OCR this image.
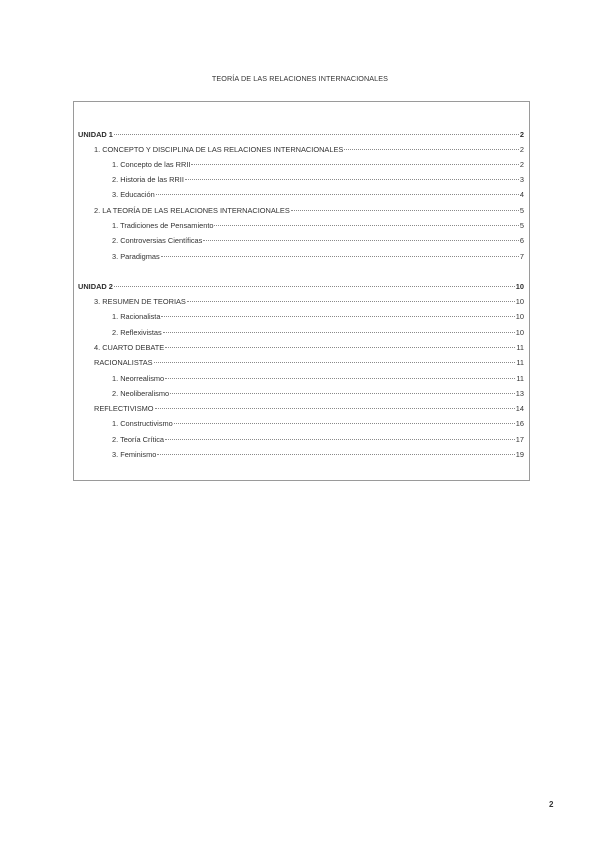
TEORÍA DE LAS RELACIONES INTERNACIONALES
UNIDAD 1	2
1. CONCEPTO Y DISCIPLINA DE LAS RELACIONES INTERNACIONALES	2
1. Concepto de las RRII	2
2. Historia de las RRII	3
3. Educación	4
2. LA TEORÍA DE LAS RELACIONES INTERNACIONALES	5
1. Tradiciones de Pensamiento	5
2. Controversias Científicas	6
3. Paradigmas	7
UNIDAD 2	10
3. RESUMEN DE TEORIAS	10
1. Racionalista	10
2. Reflexivistas	10
4. CUARTO DEBATE	11
RACIONALISTAS	11
1. Neorrealismo	11
2. Neoliberalismo	13
REFLECTIVISMO	14
1. Constructivismo	16
2. Teoría Crítica	17
3. Feminismo	19
2
